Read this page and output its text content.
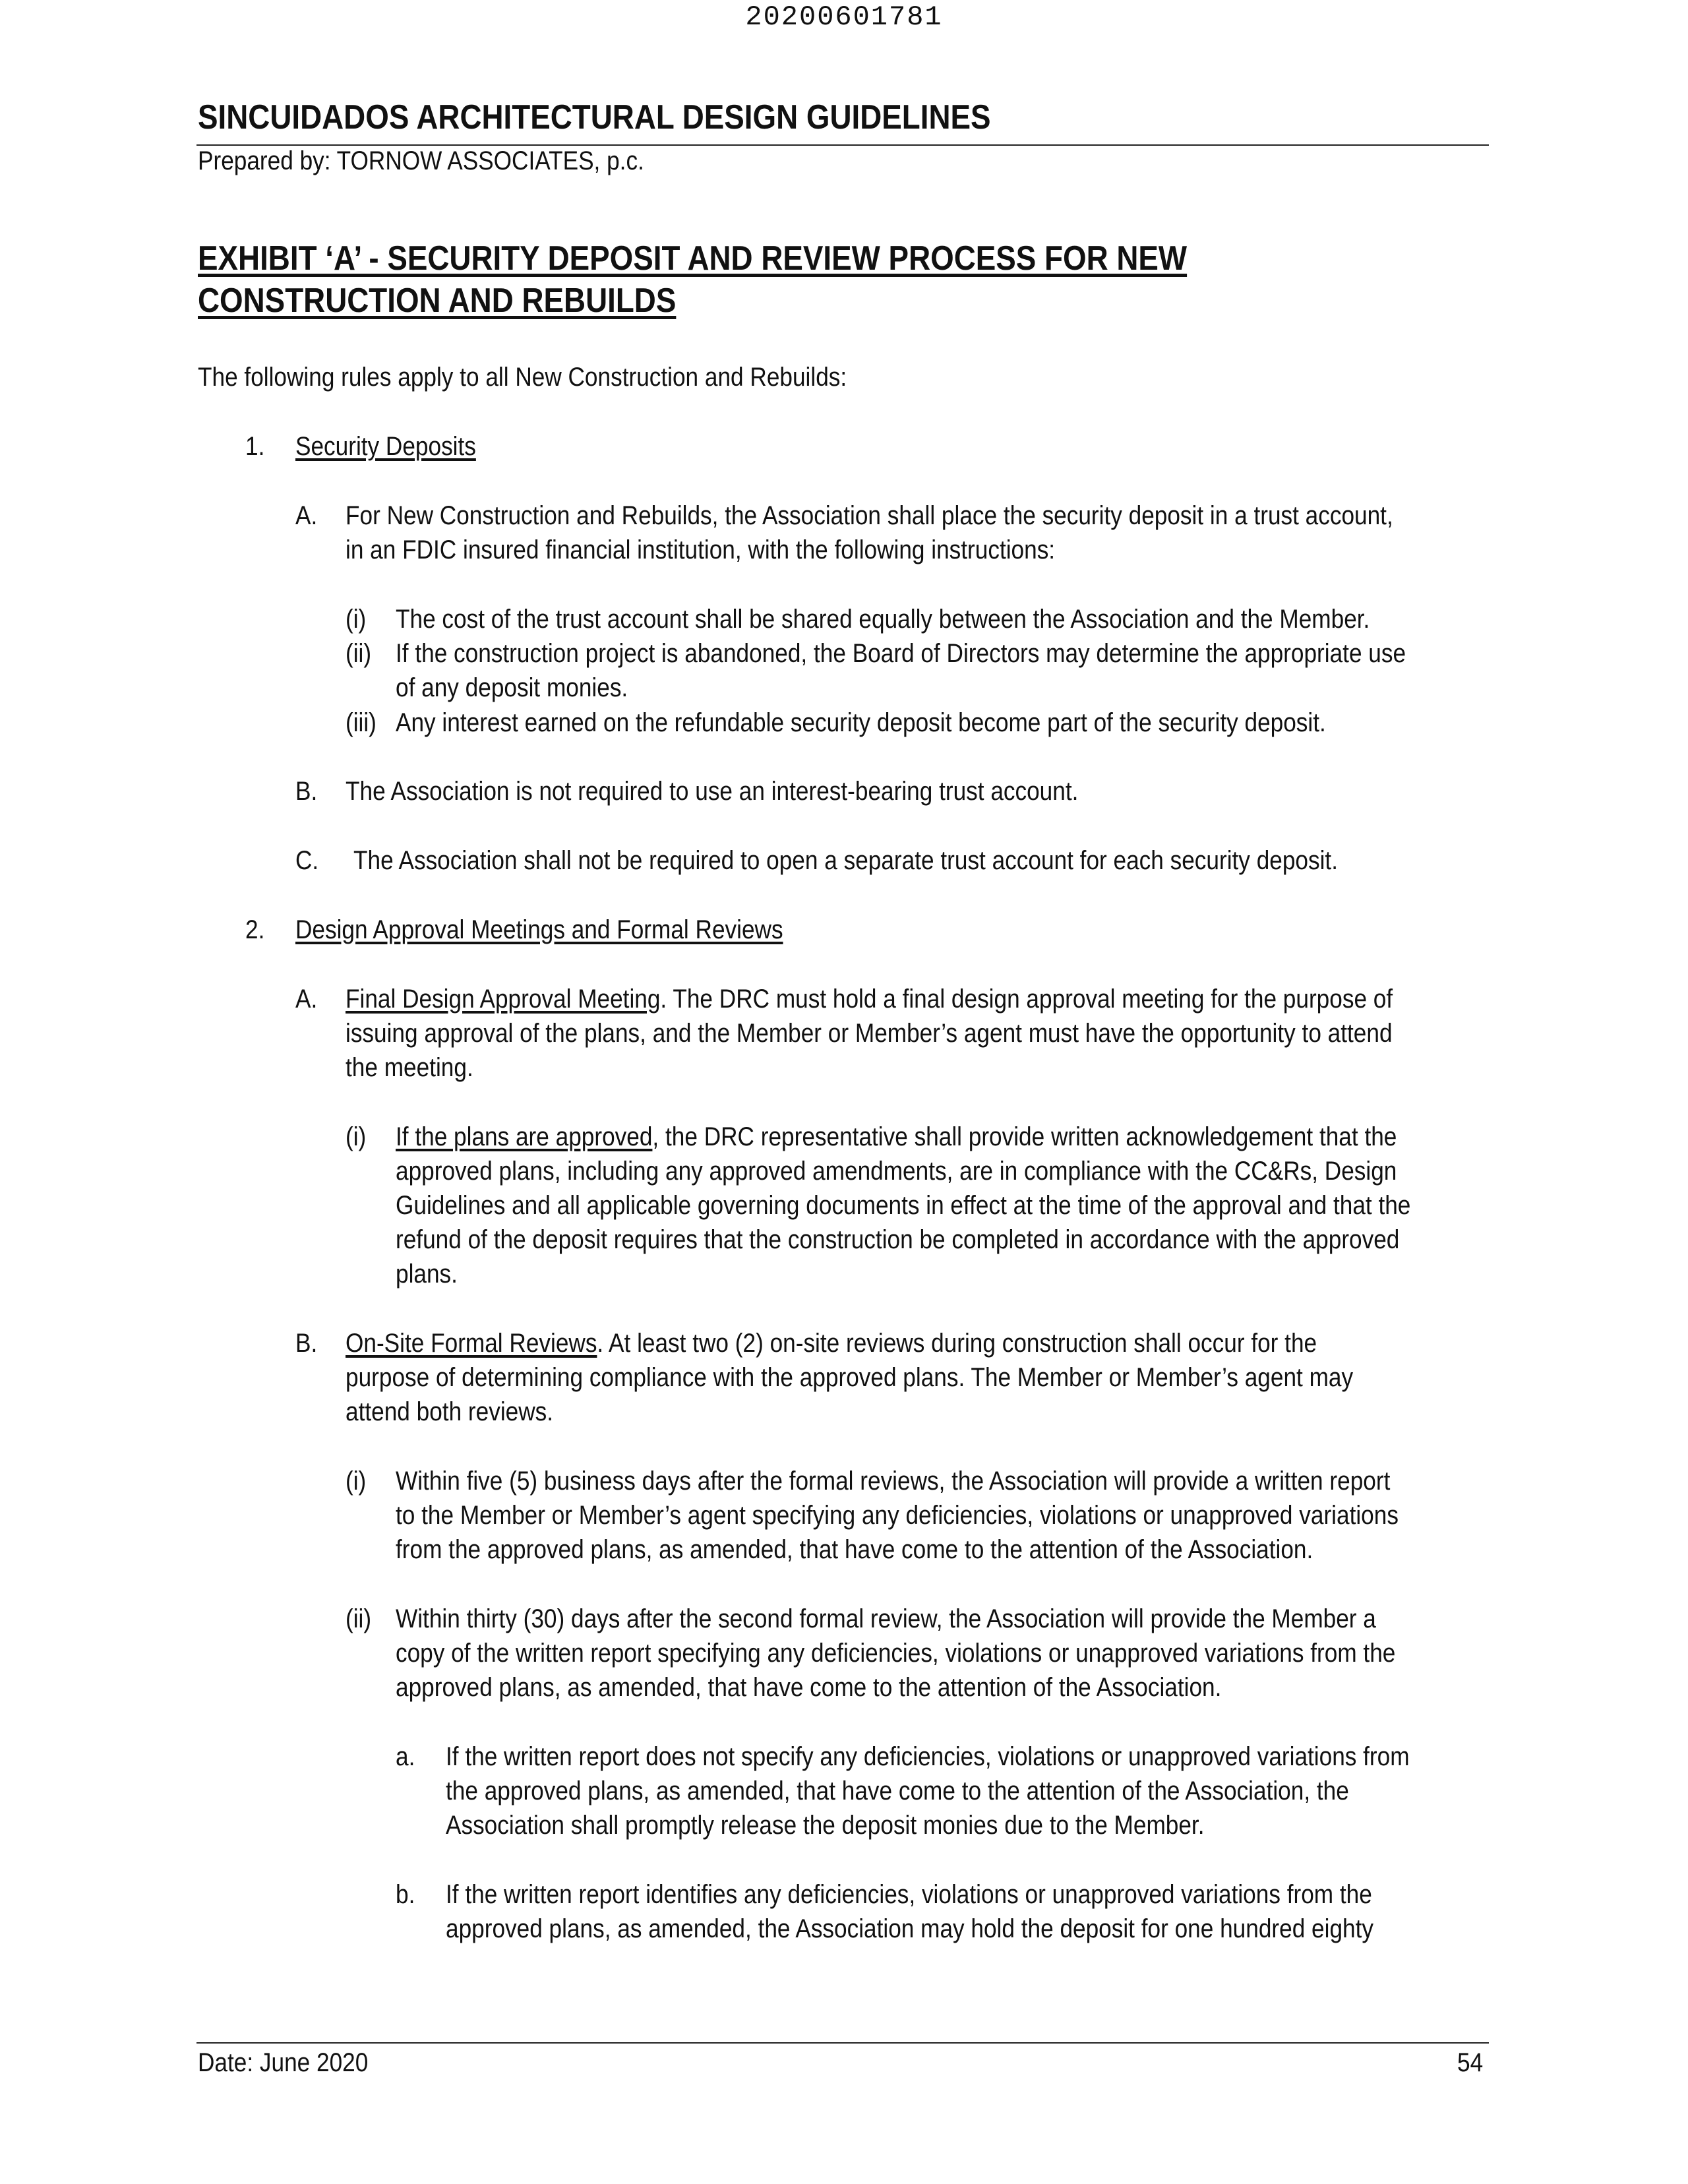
20200601781
SINCUIDADOS ARCHITECTURAL DESIGN GUIDELINES
Prepared by: TORNOW ASSOCIATES, p.c.
EXHIBIT ‘A’ - SECURITY DEPOSIT AND REVIEW PROCESS FOR NEW
CONSTRUCTION AND REBUILDS
The following rules apply to all New Construction and Rebuilds:
1. Security Deposits
A. For New Construction and Rebuilds, the Association shall place the security deposit in a trust account,
in an FDIC insured financial institution, with the following instructions:
(i) The cost of the trust account shall be shared equally between the Association and the Member.
(ii) If the construction project is abandoned, the Board of Directors may determine the appropriate use
of any deposit monies.
(iii) Any interest earned on the refundable security deposit become part of the security deposit.
B. The Association is not required to use an interest-bearing trust account.
C. The Association shall not be required to open a separate trust account for each security deposit.
2. Design Approval Meetings and Formal Reviews
A. Final Design Approval Meeting. The DRC must hold a final design approval meeting for the purpose of
issuing approval of the plans, and the Member or Member’s agent must have the opportunity to attend
the meeting.
(i) If the plans are approved, the DRC representative shall provide written acknowledgement that the
approved plans, including any approved amendments, are in compliance with the CC&Rs, Design
Guidelines and all applicable governing documents in effect at the time of the approval and that the
refund of the deposit requires that the construction be completed in accordance with the approved
plans.
B. On-Site Formal Reviews. At least two (2) on-site reviews during construction shall occur for the
purpose of determining compliance with the approved plans. The Member or Member’s agent may
attend both reviews.
(i) Within five (5) business days after the formal reviews, the Association will provide a written report
to the Member or Member’s agent specifying any deficiencies, violations or unapproved variations
from the approved plans, as amended, that have come to the attention of the Association.
(ii) Within thirty (30) days after the second formal review, the Association will provide the Member a
copy of the written report specifying any deficiencies, violations or unapproved variations from the
approved plans, as amended, that have come to the attention of the Association.
a. If the written report does not specify any deficiencies, violations or unapproved variations from
the approved plans, as amended, that have come to the attention of the Association, the
Association shall promptly release the deposit monies due to the Member.
b. If the written report identifies any deficiencies, violations or unapproved variations from the
approved plans, as amended, the Association may hold the deposit for one hundred eighty
Date: June 2020	54
